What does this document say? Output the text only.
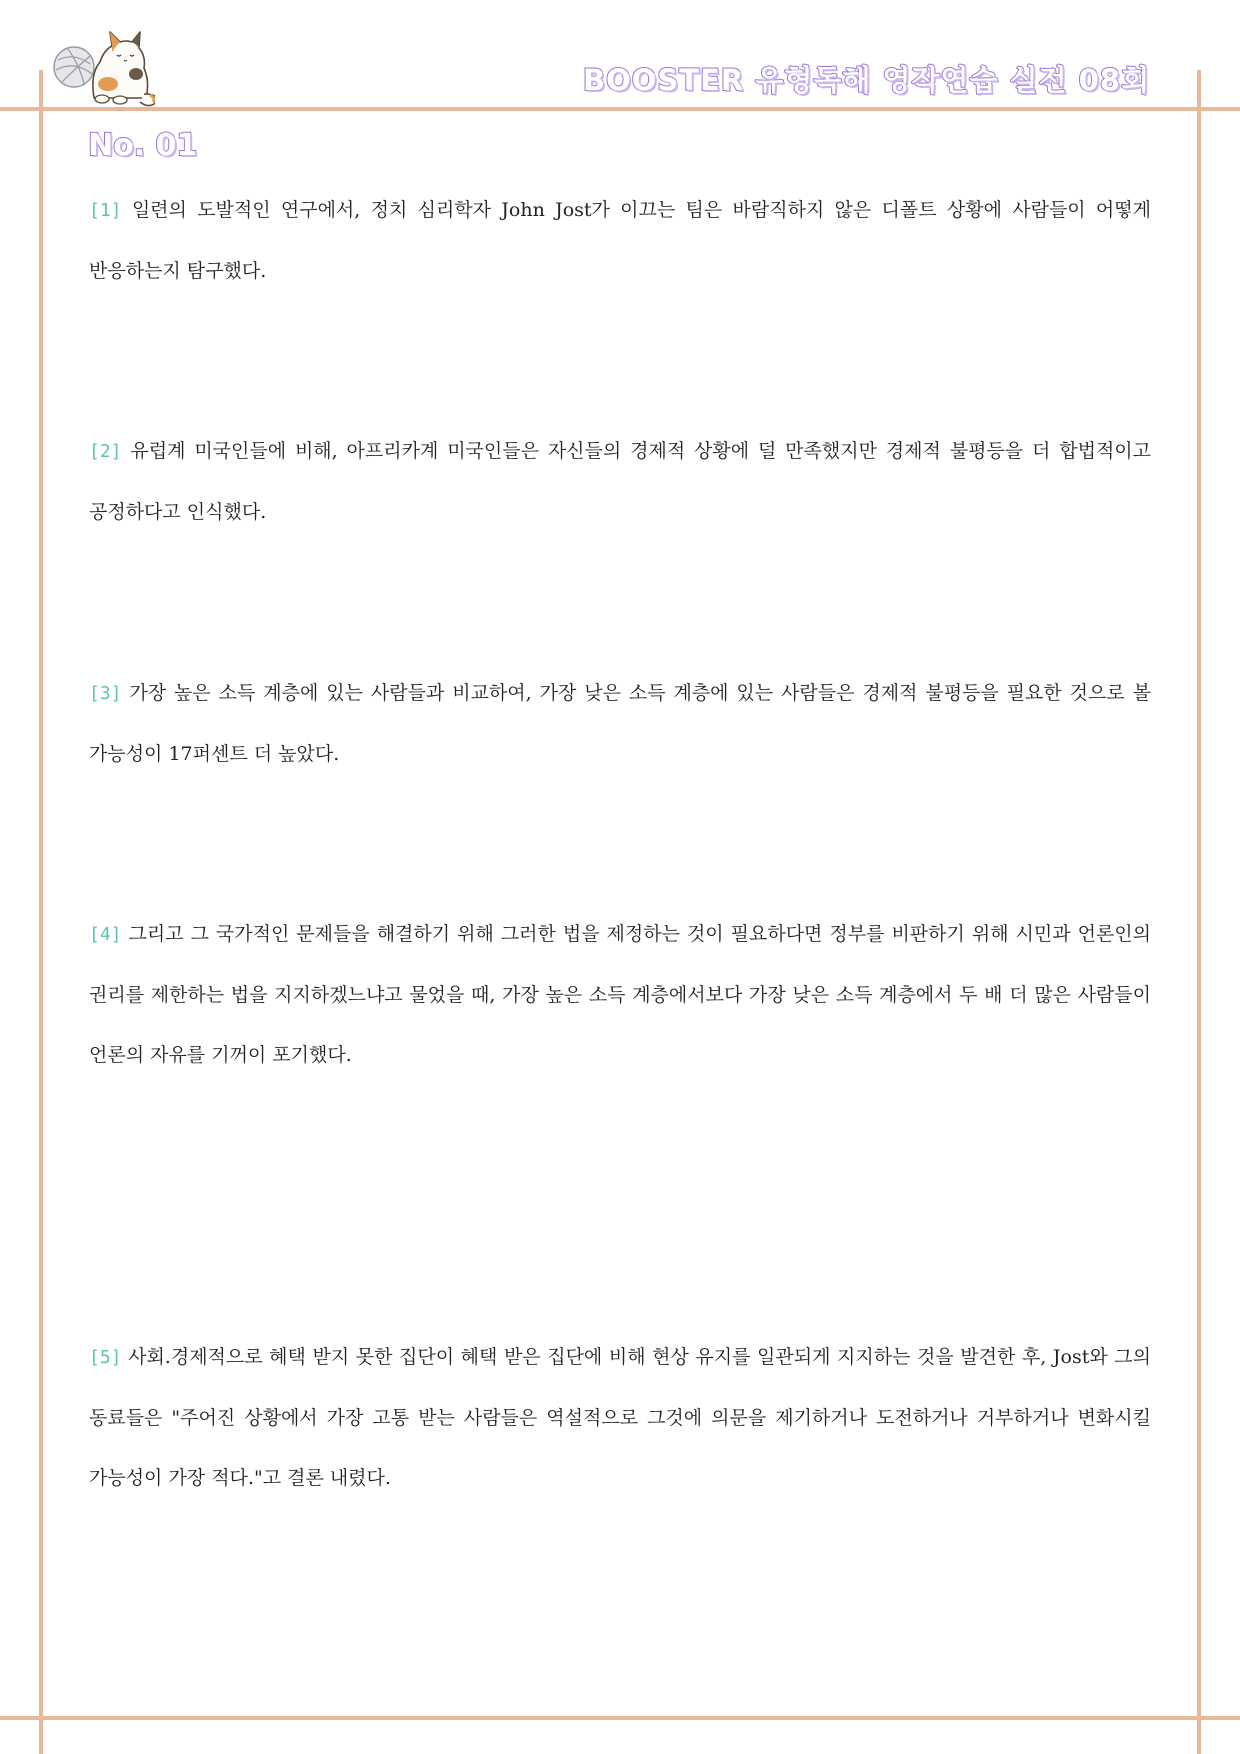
BOOSTER 유형독해 영작연습 실전 08회
No. 01
[1] 일련의 도발적인 연구에서, 정치 심리학자 John Jost가 이끄는 팀은 바람직하지 않은 디폴트 상황에 사람들이 어떻게 반응하는지 탐구했다.
[2] 유럽계 미국인들에 비해, 아프리카계 미국인들은 자신들의 경제적 상황에 덜 만족했지만 경제적 불평등을 더 합법적이고 공정하다고 인식했다.
[3] 가장 높은 소득 계층에 있는 사람들과 비교하여, 가장 낮은 소득 계층에 있는 사람들은 경제적 불평등을 필요한 것으로 볼 가능성이 17퍼센트 더 높았다.
[4] 그리고 그 국가적인 문제들을 해결하기 위해 그러한 법을 제정하는 것이 필요하다면 정부를 비판하기 위해 시민과 언론인의 권리를 제한하는 법을 지지하겠느냐고 물었을 때, 가장 높은 소득 계층에서보다 가장 낮은 소득 계층에서 두 배 더 많은 사람들이 언론의 자유를 기꺼이 포기했다.
[5] 사회.경제적으로 혜택 받지 못한 집단이 혜택 받은 집단에 비해 현상 유지를 일관되게 지지하는 것을 발견한 후, Jost와 그의 동료들은 "주어진 상황에서 가장 고통 받는 사람들은 역설적으로 그것에 의문을 제기하거나 도전하거나 거부하거나 변화시킬 가능성이 가장 적다."고 결론 내렸다.
